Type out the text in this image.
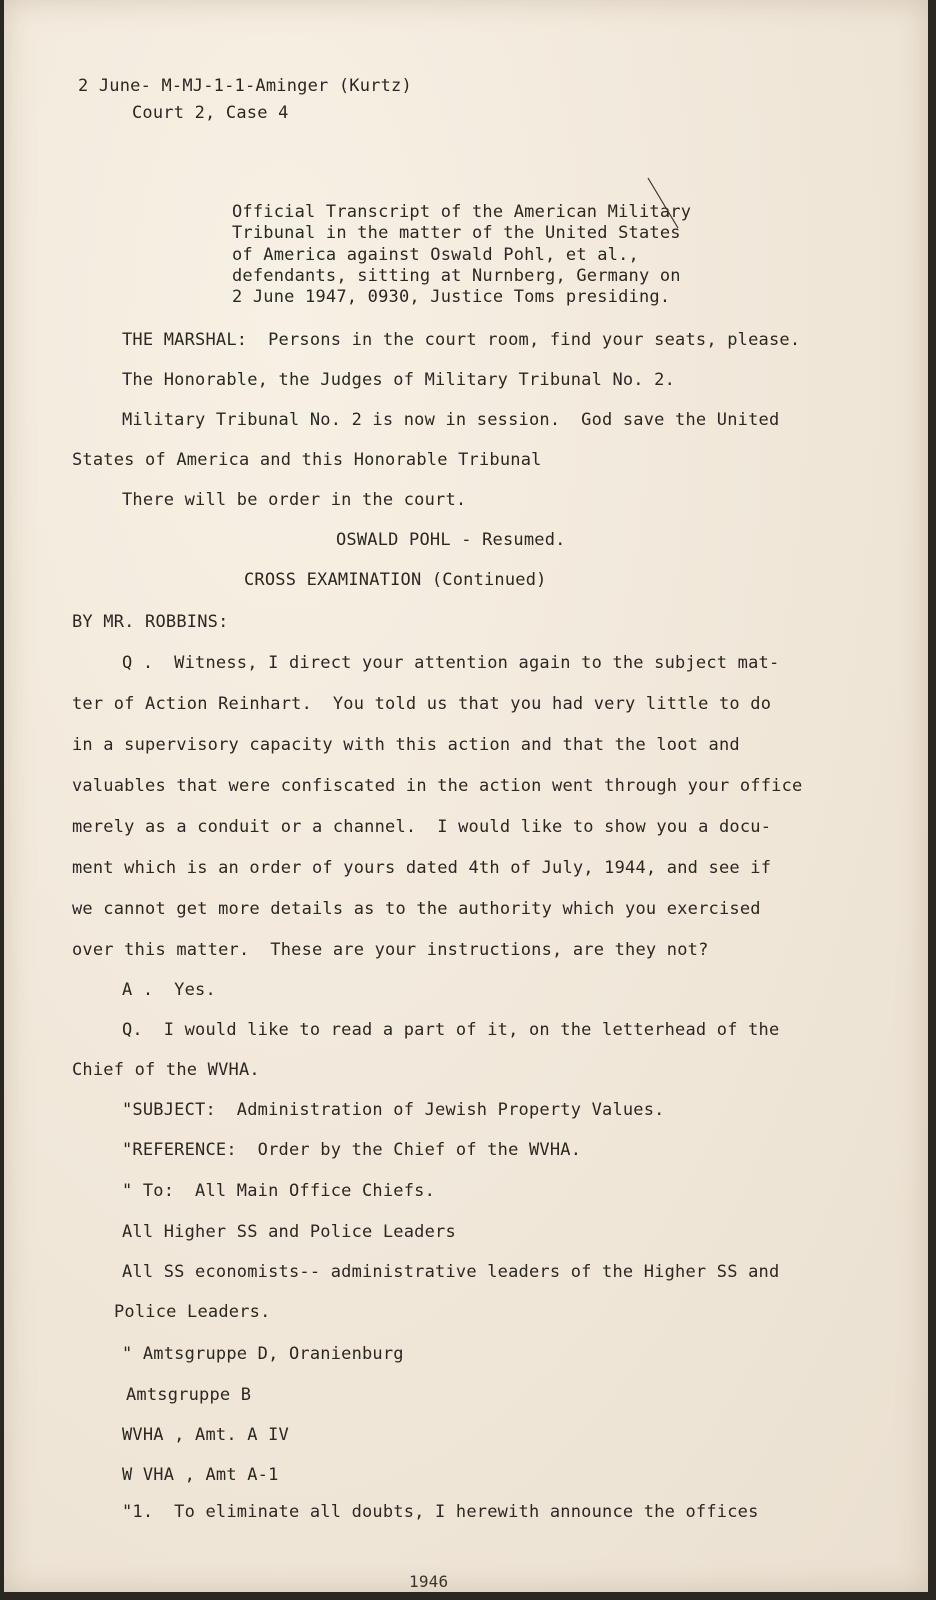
2 June- M-MJ-1-1-Aminger (Kurtz)
Court 2, Case 4
Official Transcript of the American Military
Tribunal in the matter of the United States
of America against Oswald Pohl, et al.,
defendants, sitting at Nurnberg, Germany on
2 June 1947, 0930, Justice Toms presiding.
THE MARSHAL:  Persons in the court room, find your seats, please.
The Honorable, the Judges of Military Tribunal No. 2.
Military Tribunal No. 2 is now in session.  God save the United
States of America and this Honorable Tribunal
There will be order in the court.
OSWALD POHL - Resumed.
CROSS EXAMINATION (Continued)
BY MR. ROBBINS:
Q .  Witness, I direct your attention again to the subject mat-
ter of Action Reinhart.  You told us that you had very little to do
in a supervisory capacity with this action and that the loot and
valuables that were confiscated in the action went through your office
merely as a conduit or a channel.  I would like to show you a docu-
ment which is an order of yours dated 4th of July, 1944, and see if
we cannot get more details as to the authority which you exercised
over this matter.  These are your instructions, are they not?
A .  Yes.
Q.  I would like to read a part of it, on the letterhead of the
Chief of the WVHA.
"SUBJECT:  Administration of Jewish Property Values.
"REFERENCE:  Order by the Chief of the WVHA.
" To:  All Main Office Chiefs.
All Higher SS and Police Leaders
All SS economists-- administrative leaders of the Higher SS and
Police Leaders.
" Amtsgruppe D, Oranienburg
Amtsgruppe B
WVHA , Amt. A IV
W VHA , Amt A-1
"1.  To eliminate all doubts, I herewith announce the offices
1946
